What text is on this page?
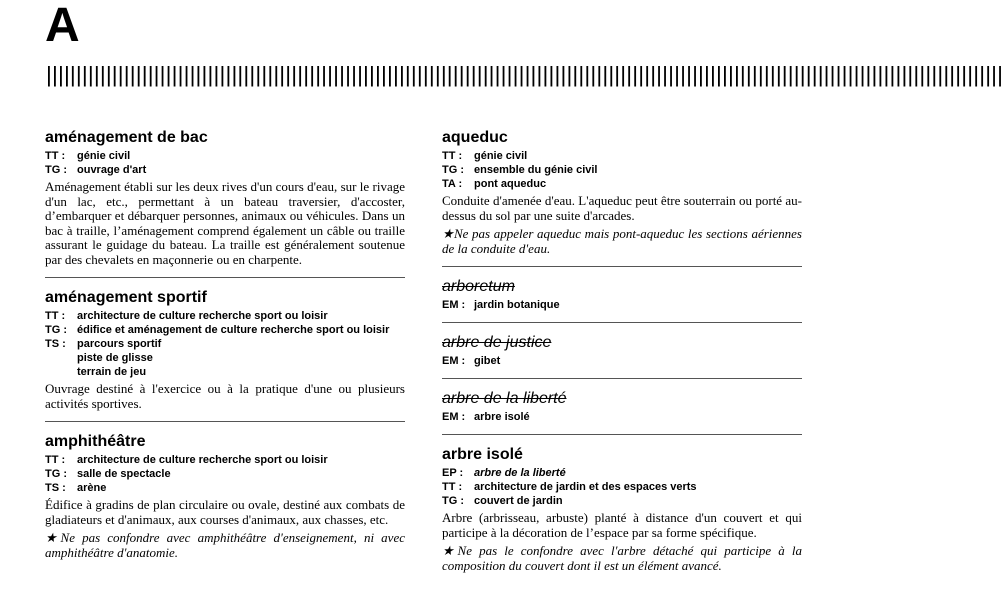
A
||||||||||||||||||||||||||||||||||||||||||||||||||||||||||||||||||||||||||||||||||||||||||||||||||||||||||||||||||||||||||||||||||||||||||||||||||||||||||||||||
aménagement de bac
TT :	génie civil
TG : ouvrage d'art
Aménagement établi sur les deux rives d'un cours d'eau, sur le rivage d'un lac, etc., permettant à un bateau traversier, d'accoster, d’embarquer et débarquer personnes, animaux ou véhicules. Dans un bac à traille, l’aménagement comprend également un câble ou traille assurant le guidage du bateau. La traille est généralement soutenue par des chevalets en maçonnerie ou en charpente.
aménagement sportif
TT :	architecture de culture recherche sport ou loisir
TG : édifice et aménagement de culture recherche sport ou loisir
TS :	parcours sportif
piste de glisse
terrain de jeu
Ouvrage destiné à l'exercice ou à la pratique d'une ou plusieurs activités sportives.
amphithéâtre
TT :	architecture de culture recherche sport ou loisir
TG : salle de spectacle
TS :	arène
Édifice à gradins de plan circulaire ou ovale, destiné aux combats de gladiateurs et d'animaux, aux courses d'animaux, aux chasses, etc.
★Ne pas confondre avec amphithéâtre d'enseignement, ni avec amphithéâtre d'anatomie.
aqueduc
TT :	génie civil
TG : ensemble du génie civil
TA :	pont aqueduc
Conduite d'amenée d'eau. L'aqueduc peut être souterrain ou porté au-dessus du sol par une suite d'arcades.
★Ne pas appeler aqueduc mais pont-aqueduc les sections aériennes de la conduite d'eau.
arboretum
EM : jardin botanique
arbre de justice
EM : gibet
arbre de la liberté
EM : arbre isolé
arbre isolé
EP : arbre de la liberté
TT :	architecture de jardin et des espaces verts
TG : couvert de jardin
Arbre (arbrisseau, arbuste) planté à distance d'un couvert et qui participe à la décoration de l’espace par sa forme spécifique.
★Ne pas le confondre avec l'arbre détaché qui participe à la composition du couvert dont il est un élément avancé.
